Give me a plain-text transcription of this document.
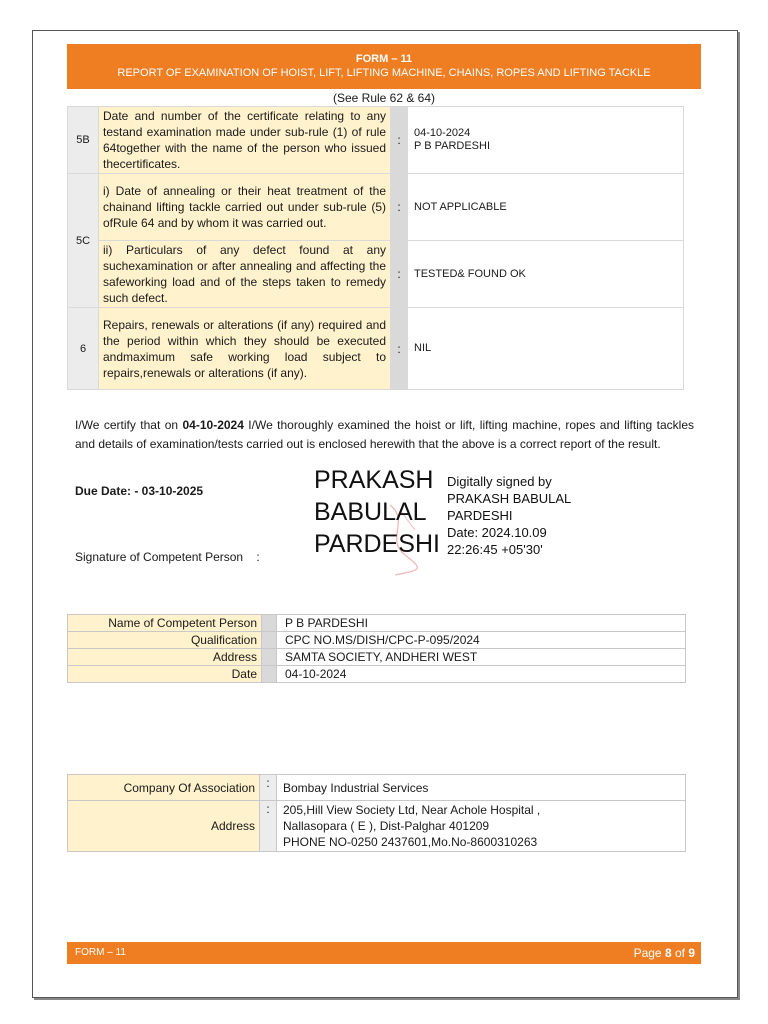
FORM – 11
REPORT OF EXAMINATION OF HOIST, LIFT, LIFTING MACHINE, CHAINS, ROPES AND LIFTING TACKLE
(See Rule 62 & 64)
5B	Date and number of the certificate relating to any testand examination made under sub-rule (1) of rule 64together with the name of the person who issued thecertificates.	:	04-10-2024
P B PARDESHI

5C	i) Date of annealing or their heat treatment of the chainand lifting tackle carried out under sub-rule (5) ofRule 64 and by whom it was carried out.	:	NOT APPLICABLE
	ii) Particulars of any defect found at any suchexamination or after annealing and affecting the safeworking load and of the steps taken to remedy such defect.	:	TESTED& FOUND OK
6	Repairs, renewals or alterations (if any) required and the period within which they should be executed andmaximum safe working load subject to repairs,renewals or alterations (if any).	:	NIL
I/We certify that on 04-10-2024 I/We thoroughly examined the hoist or lift, lifting machine, ropes and lifting tackles and details of examination/tests carried out is enclosed herewith that the above is a correct report of the result.
Due Date: - 03-10-2025
Signature of Competent Person    :
PRAKASH
BABULAL
PARDESHI
Digitally signed by
PRAKASH BABULAL
PARDESHI
Date: 2024.10.09
22:26:45 +05'30'
Name of Competent Person		P B PARDESHI
Qualification		CPC NO.MS/DISH/CPC-P-095/2024
Address		SAMTA SOCIETY, ANDHERI WEST
Date		04-10-2024
Company Of Association	:	Bombay Industrial Services
Address	:	205,Hill View Society Ltd, Near Achole Hospital ,
Nallasopara ( E ), Dist-Palghar 401209
PHONE NO-0250 2437601,Mo.No-8600310263
FORM – 11	Page 8 of 9
